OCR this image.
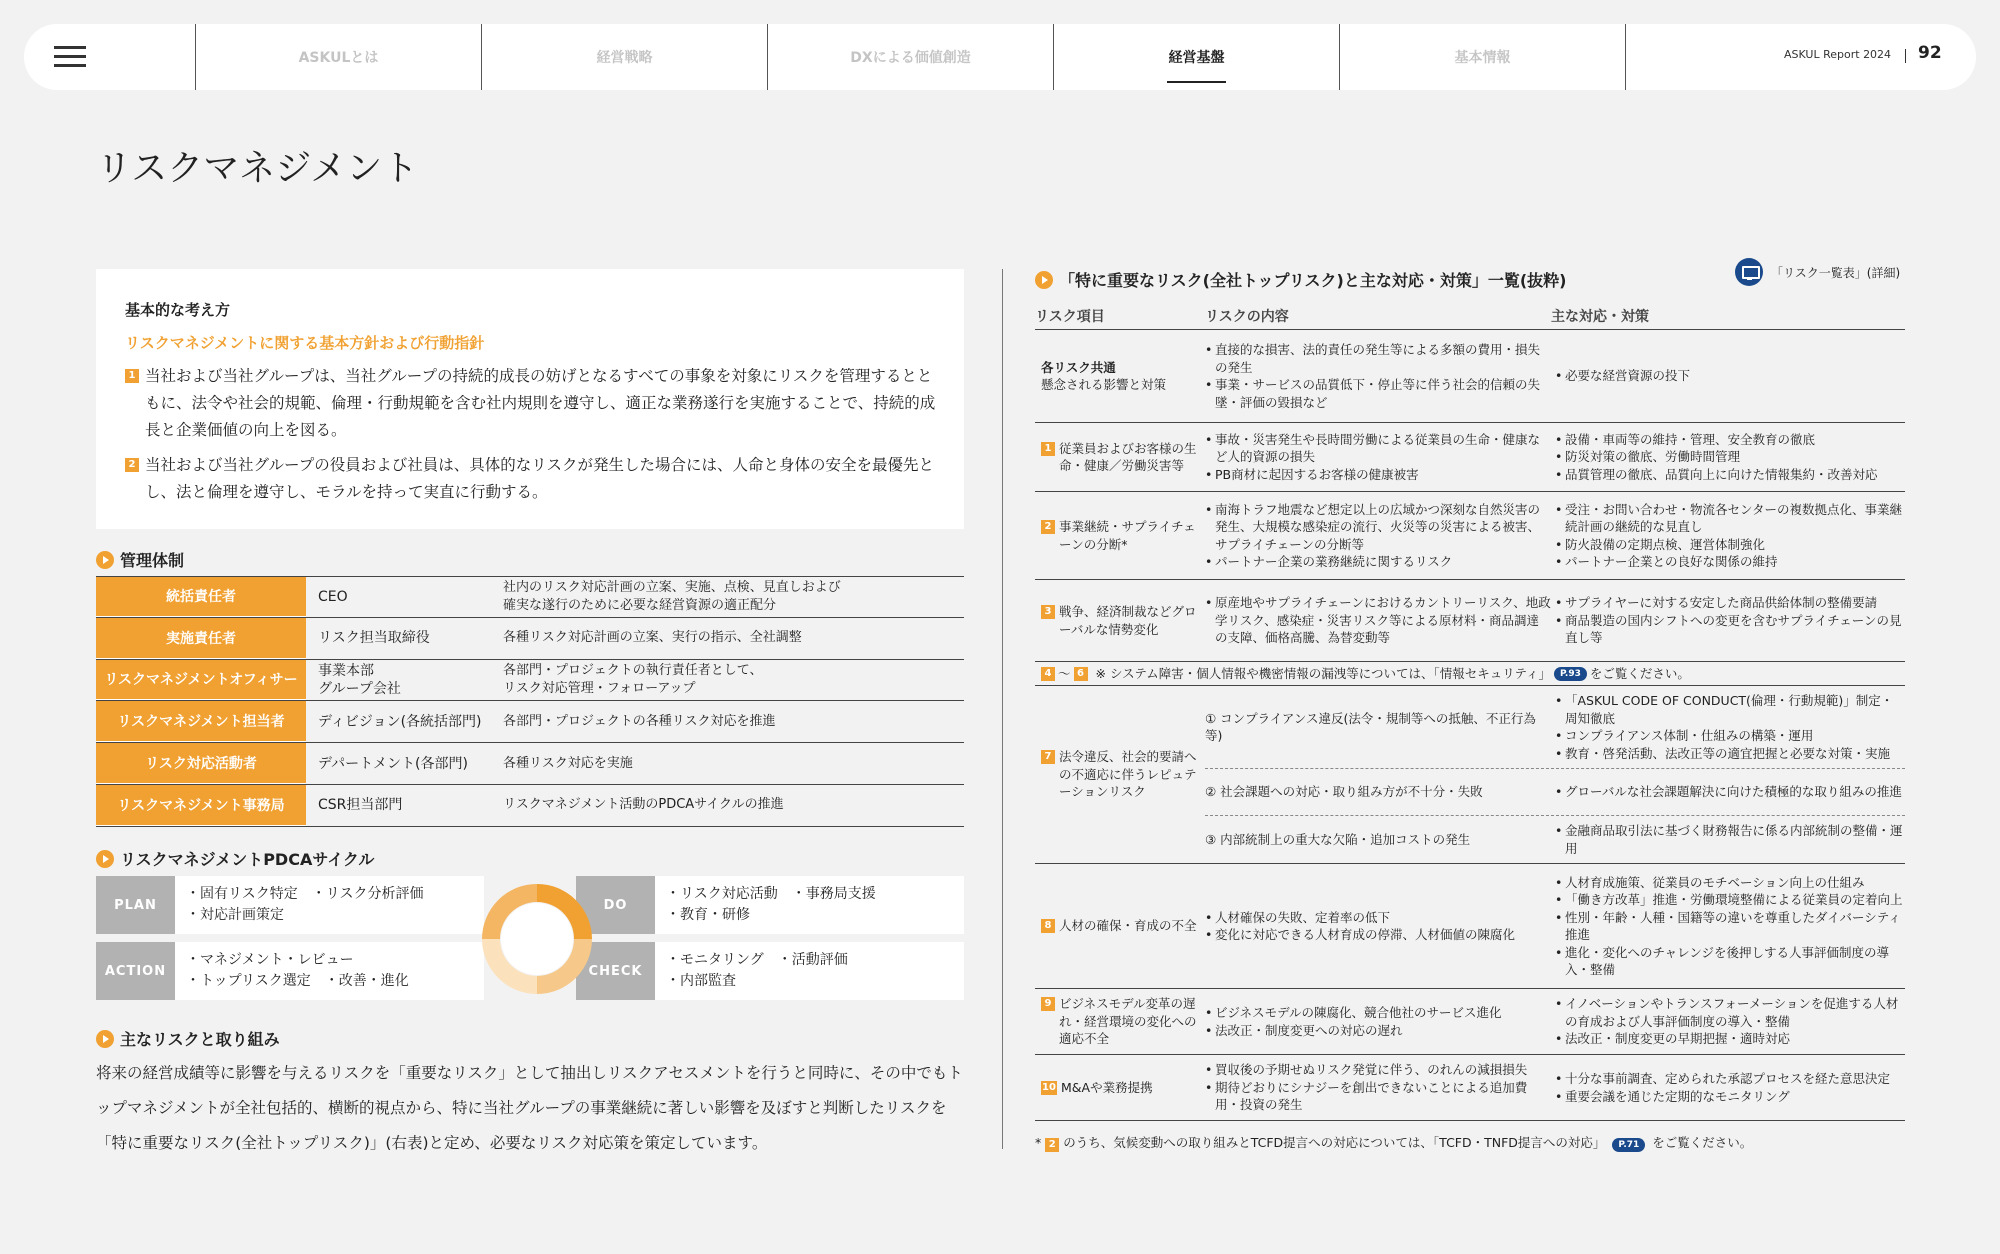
ASKULとは	経営戦略	DXによる価値創造	経営基盤	基本情報	ASKUL Report 2024 92
リスクマネジメント
基本的な考え方
リスクマネジメントに関する基本方針および行動指針
1 当社および当社グループは、当社グループの持続的成長の妨げとなるすべての事象を対象にリスクを管理するとともに、法令や社会的規範、倫理・行動規範を含む社内規則を遵守し、適正な業務遂行を実施することで、持続的成長と企業価値の向上を図る。
2 当社および当社グループの役員および社員は、具体的なリスクが発生した場合には、人命と身体の安全を最優先とし、法と倫理を遵守し、モラルを持って実直に行動する。
管理体制
統括責任者	CEO
社内のリスク対応計画の立案、実施、点検、見直しおよび
確実な遂行のために必要な経営資源の適正配分
実施責任者	リスク担当取締役	各種リスク対応計画の立案、実行の指示、全社調整
リスクマネジメントオフィサー
事業本部
グループ会社
各部門・プロジェクトの執行責任者として、
リスク対応管理・フォローアップ
リスクマネジメント担当者	ディビジョン(各統括部門)	各部門・プロジェクトの各種リスク対応を推進
リスク対応活動者	デパートメント(各部門)	各種リスク対応を実施
リスクマネジメント事務局	CSR担当部門	リスクマネジメント活動のPDCAサイクルの推進
リスクマネジメントPDCAサイクル
PLAN
・固有リスク特定　・リスク分析評価
・対応計画策定
DO
・リスク対応活動　・事務局支援
・教育・研修
ACTION
・マネジメント・レビュー
・トップリスク選定　・改善・進化
CHECK
・モニタリング　・活動評価
・内部監査
主なリスクと取り組み
将来の経営成績等に影響を与えるリスクを「重要なリスク」として抽出しリスクアセスメントを行うと同時に、その中でもトップマネジメントが全社包括的、横断的視点から、特に当社グループの事業継続に著しい影響を及ぼすと判断したリスクを「特に重要なリスク(全社トップリスク)」(右表)と定め、必要なリスク対応策を策定しています。
「特に重要なリスク(全社トップリスク)と主な対応・対策」一覧(抜粋)	「リスク一覧表」(詳細)
リスク項目	リスクの内容	主な対応・対策
各リスク共通
懸念される影響と対策
• 直接的な損害、法的責任の発生等による多額の費用・損失の発生
• 事業・サービスの品質低下・停止等に伴う社会的信頼の失墜・評価の毀損など
• 必要な経営資源の投下
1 従業員およびお客様の生命・健康／労働災害等
• 事故・災害発生や長時間労働による従業員の生命・健康など人的資源の損失
• PB商材に起因するお客様の健康被害
• 設備・車両等の維持・管理、安全教育の徹底
• 防災対策の徹底、労働時間管理
• 品質管理の徹底、品質向上に向けた情報集約・改善対応
2 事業継続・サプライチェーンの分断*
• 南海トラフ地震など想定以上の広域かつ深刻な自然災害の発生、大規模な感染症の流行、火災等の災害による被害、サプライチェーンの分断等
• パートナー企業の業務継続に関するリスク
• 受注・お問い合わせ・物流各センターの複数拠点化、事業継続計画の継続的な見直し
• 防火設備の定期点検、運営体制強化
• パートナー企業との良好な関係の維持
3 戦争、経済制裁などグローバルな情勢変化
• 原産地やサプライチェーンにおけるカントリーリスク、地政学リスク、感染症・災害リスク等による原材料・商品調達の支障、価格高騰、為替変動等
• サプライヤーに対する安定した商品供給体制の整備要請
• 商品製造の国内シフトへの変更を含むサプライチェーンの見直し等
4 ～ 6 ※ システム障害・個人情報や機密情報の漏洩等については、「情報セキュリティ」	P.93 をご覧ください。
7 法令違反、社会的要請への不適応に伴うレピュテーションリスク
① コンプライアンス違反(法令・規制等への抵触、不正行為等)
• 「ASKUL CODE OF CONDUCT(倫理・行動規範)」制定・周知徹底
• コンプライアンス体制・仕組みの構築・運用
• 教育・啓発活動、法改正等の適宜把握と必要な対策・実施
② 社会課題への対応・取り組み方が不十分・失敗
•	グローバルな社会課題解決に向けた積極的な取り組みの推進
③ 内部統制上の重大な欠陥・追加コストの発生
• 金融商品取引法に基づく財務報告に係る内部統制の整備・運用
8 人材の確保・育成の不全
• 人材確保の失敗、定着率の低下
• 変化に対応できる人材育成の停滞、人材価値の陳腐化
• 人材育成施策、従業員のモチベーション向上の仕組み
• 「働き方改革」推進・労働環境整備による従業員の定着向上
• 性別・年齢・人種・国籍等の違いを尊重したダイバーシティ推進
• 進化・変化へのチャレンジを後押しする人事評価制度の導入・整備
9 ビジネスモデル変革の遅れ・経営環境の変化への適応不全
• ビジネスモデルの陳腐化、競合他社のサービス進化
• 法改正・制度変更への対応の遅れ
• イノベーションやトランスフォーメーションを促進する人材の育成および人事評価制度の導入・整備
• 法改正・制度変更の早期把握・適時対応
10 M&Aや業務提携
• 買収後の予期せぬリスク発覚に伴う、のれんの減損損失
• 期待どおりにシナジーを創出できないことによる追加費用・投資の発生
• 十分な事前調査、定められた承認プロセスを経た意思決定
• 重要会議を通じた定期的なモニタリング
* 2 のうち、気候変動への取り組みとTCFD提言への対応については、「TCFD・TNFD提言への対応」 P.71 をご覧ください。
